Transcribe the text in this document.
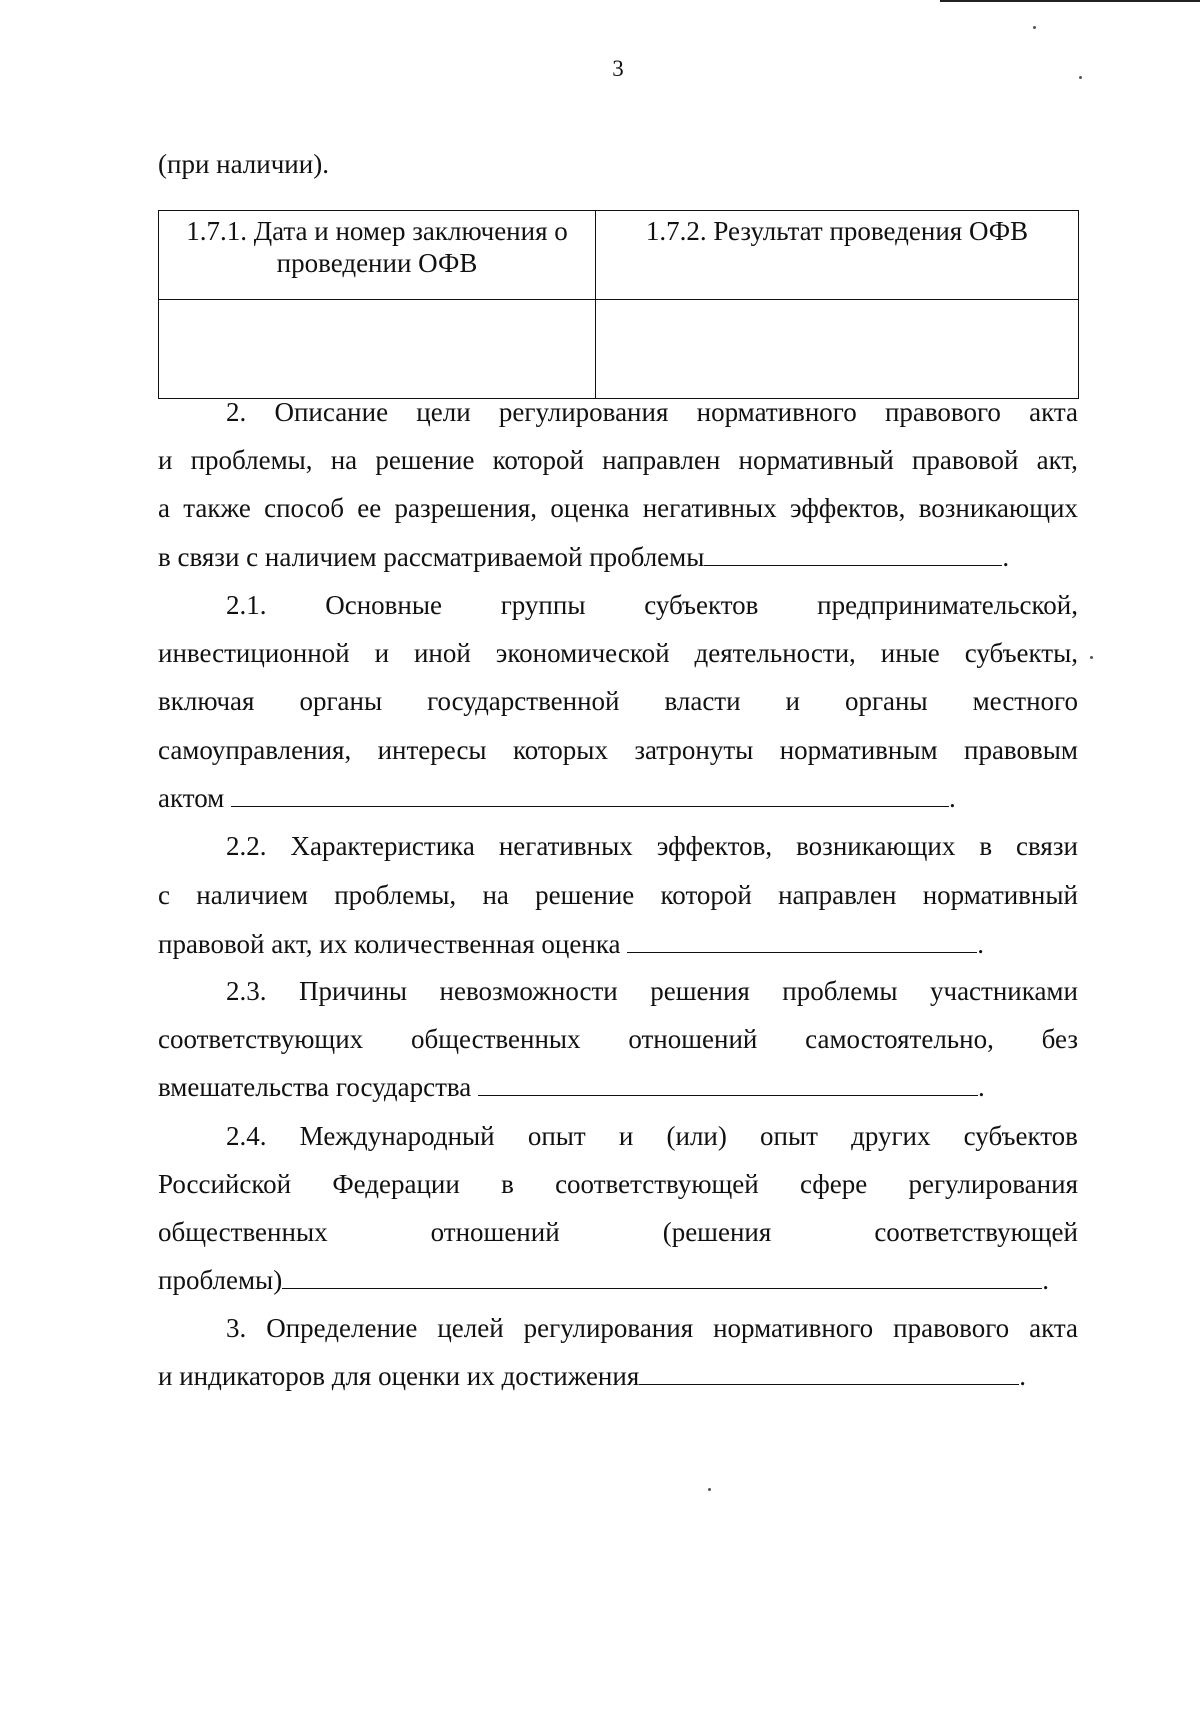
3
(при наличии).
1.7.1. Дата и номер заключения о проведении ОФВ	1.7.2. Результат проведения ОФВ

2. Описание цели регулирования нормативного правового акта
и проблемы, на решение которой направлен нормативный правовой акт,
а также способ ее разрешения, оценка негативных эффектов, возникающих
в связи с наличием рассматриваемой проблемы	.
2.1. Основные группы субъектов предпринимательской,
инвестиционной и иной экономической деятельности, иные субъекты,
включая органы государственной власти и органы местного
самоуправления, интересы которых затронуты нормативным правовым
актом	.
2.2. Характеристика негативных эффектов, возникающих в связи
с наличием проблемы, на решение которой направлен нормативный
правовой акт, их количественная оценка	.
2.3. Причины невозможности решения проблемы участниками
соответствующих общественных отношений самостоятельно, без
вмешательства государства	.
2.4. Международный опыт и (или) опыт других субъектов
Российской Федерации в соответствующей сфере регулирования
общественных	отношений	(решения	соответствующей
проблемы)	.
3. Определение целей регулирования нормативного правового акта
и индикаторов для оценки их достижения	.
